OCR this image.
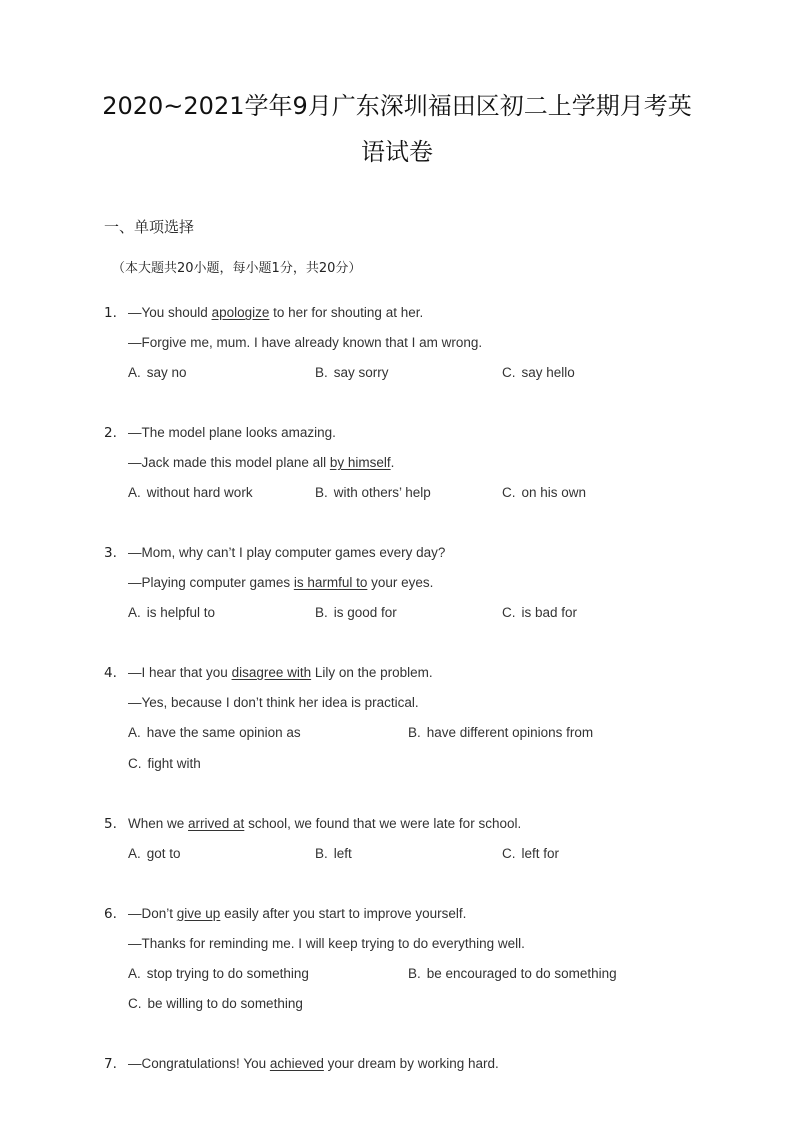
2020~2021学年9月广东深圳福田区初二上学期月考英
语试卷
一、单项选择
（本大题共20小题，每小题1分，共20分）
1. —You should apologize to her for shouting at her.
—Forgive me, mum. I have already known that I am wrong.
A. say no	B. say sorry	C. say hello
2. —The model plane looks amazing.
—Jack made this model plane all by himself.
A. without hard work	B. with others’ help	C. on his own
3. —Mom, why can’t I play computer games every day?
—Playing computer games is harmful to your eyes.
A. is helpful to	B. is good for	C. is bad for
4. —I hear that you disagree with Lily on the problem.
—Yes, because I don’t think her idea is practical.
A. have the same opinion as	B. have different opinions from
C. fight with
5. When we arrived at school, we found that we were late for school.
A. got to	B. left	C. left for
6. —Don’t give up easily after you start to improve yourself.
—Thanks for reminding me. I will keep trying to do everything well.
A. stop trying to do something	B. be encouraged to do something
C. be willing to do something
7. —Congratulations! You achieved your dream by working hard.
